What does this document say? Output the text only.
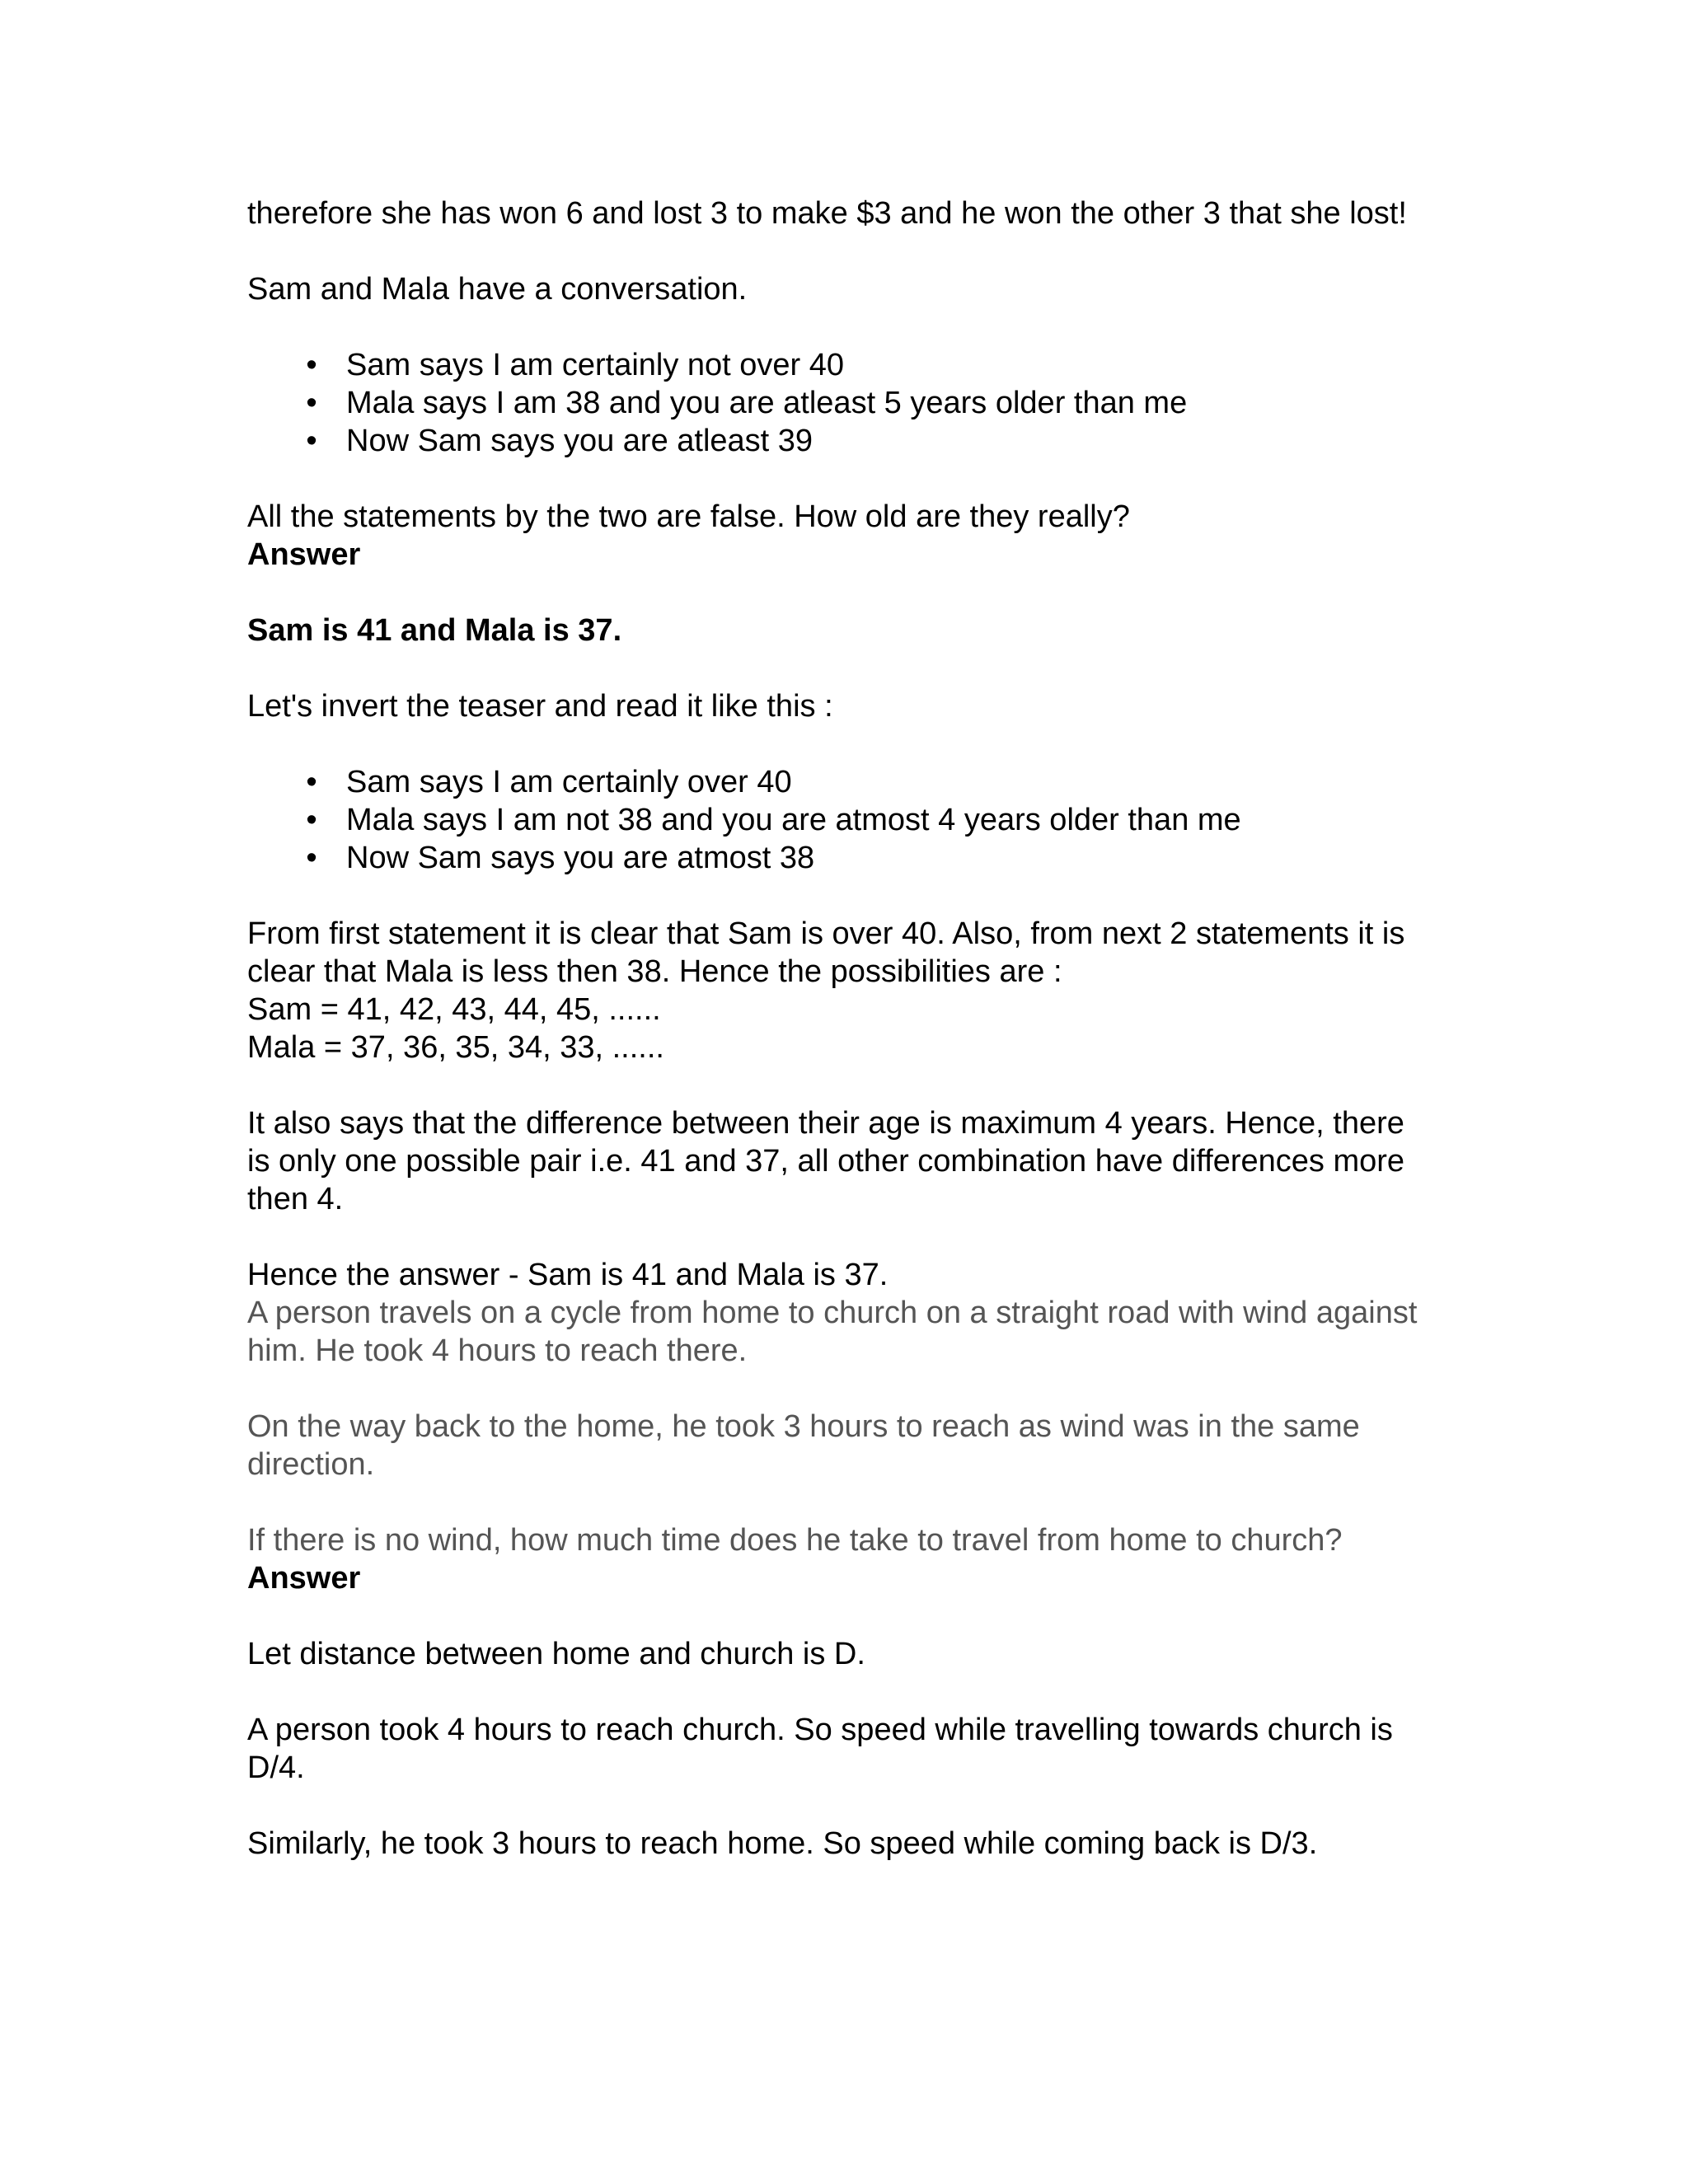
therefore she has won 6 and lost 3 to make $3 and he won the other 3 that she lost!

Sam and Mala have a conversation.

• Sam says I am certainly not over 40
• Mala says I am 38 and you are atleast 5 years older than me
• Now Sam says you are atleast 39

All the statements by the two are false. How old are they really?

Answer

Sam is 41 and Mala is 37.

Let's invert the teaser and read it like this :

• Sam says I am certainly over 40
• Mala says I am not 38 and you are atmost 4 years older than me
• Now Sam says you are atmost 38

From first statement it is clear that Sam is over 40. Also, from next 2 statements it is clear that Mala is less then 38. Hence the possibilities are :

Sam = 41, 42, 43, 44, 45, ......

Mala = 37, 36, 35, 34, 33, ......

It also says that the difference between their age is maximum 4 years. Hence, there is only one possible pair i.e. 41 and 37, all other combination have differences more then 4.

Hence the answer - Sam is 41 and Mala is 37.

A person travels on a cycle from home to church on a straight road with wind against him. He took 4 hours to reach there.

On the way back to the home, he took 3 hours to reach as wind was in the same direction.

If there is no wind, how much time does he take to travel from home to church?

Answer

Let distance between home and church is D.

A person took 4 hours to reach church. So speed while travelling towards church is D/4.

Similarly, he took 3 hours to reach home. So speed while coming back is D/3.
